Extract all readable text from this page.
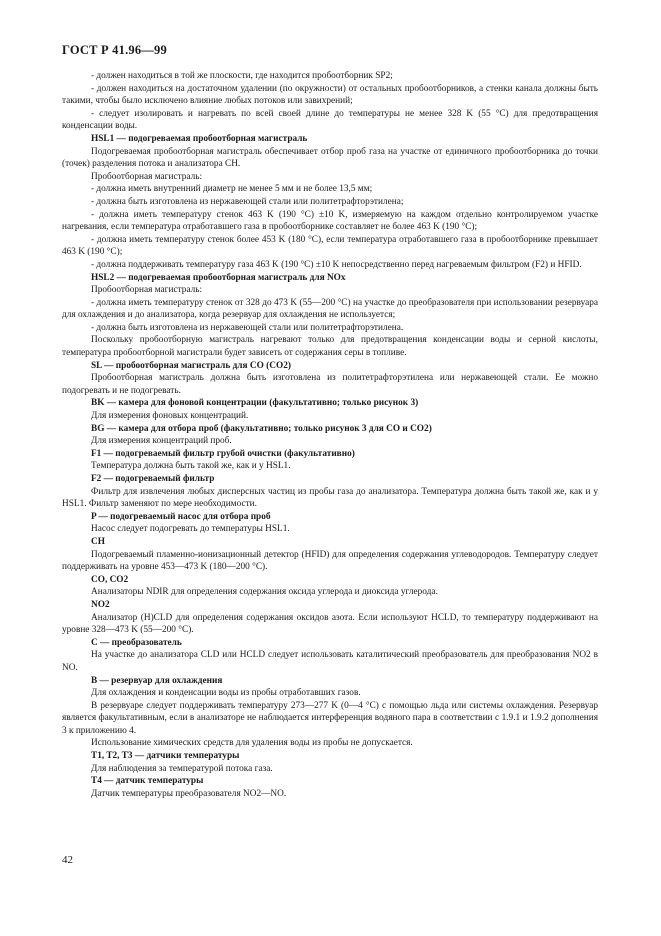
ГОСТ Р 41.96—99

- должен находиться в той же плоскости, где находится пробоотборник SP2;

- должен находиться на достаточном удалении (по окружности) от остальных пробоотборников, а стенки канала должны быть такими, чтобы было исключено влияние любых потоков или завихрений;

- следует изолировать и нагревать по всей своей длине до температуры не менее 328 K (55 °C) для предотвращения конденсации воды.

HSL1 — подогреваемая пробоотборная магистраль

Подогреваемая пробоотборная магистраль обеспечивает отбор проб газа на участке от единичного пробоотборника до точки (точек) разделения потока и анализатора CH.

Пробоотборная магистраль:

- должна иметь внутренний диаметр не менее 5 мм и не более 13,5 мм;

- должна быть изготовлена из нержавеющей стали или политетрафторэтилена;

- должна иметь температуру стенок 463 K (190 °C) ±10 K, измеряемую на каждом отдельно контролируемом участке нагревания, если температура отработавшего газа в пробоотборнике составляет не более 463 K (190 °C);

- должна иметь температуру стенок более 453 K (180 °C), если температура отработавшего газа в пробоотборнике превышает 463 K (190 °C);

- должна поддерживать температуру газа 463 K (190 °C) ±10 K непосредственно перед нагреваемым фильтром (F2) и HFID.

HSL2 — подогреваемая пробоотборная магистраль для NOx

Пробоотборная магистраль:

- должна иметь температуру стенок от 328 до 473 K (55—200 °C) на участке до преобразователя при использовании резервуара для охлаждения и до анализатора, когда резервуар для охлаждения не используется;

- должна быть изготовлена из нержавеющей стали или политетрафторэтилена.

Поскольку пробоотборную магистраль нагревают только для предотвращения конденсации воды и серной кислоты, температура пробоотборной магистрали будет зависеть от содержания серы в топливе.

SL — пробоотборная магистраль для CO (CO2)

Пробоотборная магистраль должна быть изготовлена из политетрафторэтилена или нержавеющей стали. Ее можно подогревать и не подогревать.

BK — камера для фоновой концентрации (факультативно; только рисунок 3)

Для измерения фоновых концентраций.

BG — камера для отбора проб (факультативно; только рисунок 3 для CO и CO2)

Для измерения концентраций проб.

F1 — подогреваемый фильтр грубой очистки (факультативно)

Температура должна быть такой же, как и у HSL1.

F2 — подогреваемый фильтр

Фильтр для извлечения любых дисперсных частиц из пробы газа до анализатора. Температура должна быть такой же, как и у HSL1. Фильтр заменяют по мере необходимости.

P — подогреваемый насос для отбора проб

Насос следует подогревать до температуры HSL1.

CH

Подогреваемый пламенно-ионизационный детектор (HFID) для определения содержания углеводородов. Температуру следует поддерживать на уровне 453—473 K (180—200 °C).

CO, CO2

Анализаторы NDIR для определения содержания оксида углерода и диоксида углерода.

NO2

Анализатор (H)CLD для определения содержания оксидов азота. Если используют HCLD, то температуру поддерживают на уровне 328—473 K (55—200 °C).

C — преобразователь

На участке до анализатора CLD или HCLD следует использовать каталитический преобразователь для преобразования NO2 в NO.

B — резервуар для охлаждения

Для охлаждения и конденсации воды из пробы отработавших газов.

В резервуаре следует поддерживать температуру 273—277 K (0—4 °C) с помощью льда или системы охлаждения. Резервуар является факультативным, если в анализаторе не наблюдается интерференция водяного пара в соответствии с 1.9.1 и 1.9.2 дополнения 3 к приложению 4.

Использование химических средств для удаления воды из пробы не допускается.

T1, T2, T3 — датчики температуры

Для наблюдения за температурой потока газа.

T4 — датчик температуры

Датчик температуры преобразователя NO2—NO.

42
